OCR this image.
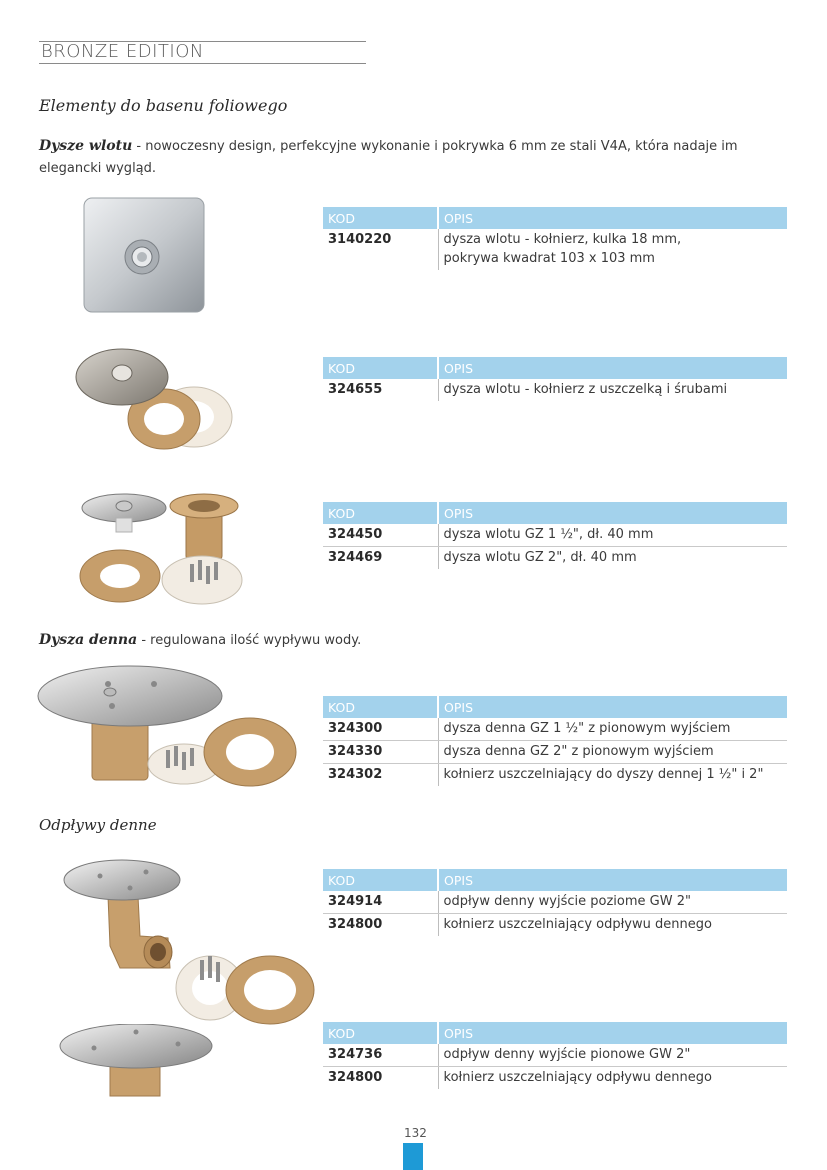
BRONZE EDITION
Elementy do basenu foliowego
Dysze wlotu - nowoczesny design, perfekcyjne wykonanie i pokrywka 6 mm ze stali V4A, która nadaje im
elegancki wygląd.
KOD	OPIS
3140220	dysza wlotu - kołnierz, kulka 18 mm,
pokrywa kwadrat 103 x 103 mm
KOD	OPIS
324655	dysza wlotu - kołnierz z uszczelką i śrubami
KOD	OPIS
324450	dysza wlotu GZ 1 ½", dł. 40 mm
324469	dysza wlotu GZ 2", dł. 40 mm
Dysza denna - regulowana ilość wypływu wody.
KOD	OPIS
324300	dysza denna GZ 1 ½" z pionowym wyjściem
324330	dysza denna GZ 2" z pionowym wyjściem
324302	kołnierz uszczelniający do dyszy dennej 1 ½" i 2"
Odpływy denne
KOD	OPIS
324914	odpływ denny wyjście poziome GW 2"
324800	kołnierz uszczelniający odpływu dennego
KOD	OPIS
324736	odpływ denny wyjście pionowe GW 2"
324800	kołnierz uszczelniający odpływu dennego
132
